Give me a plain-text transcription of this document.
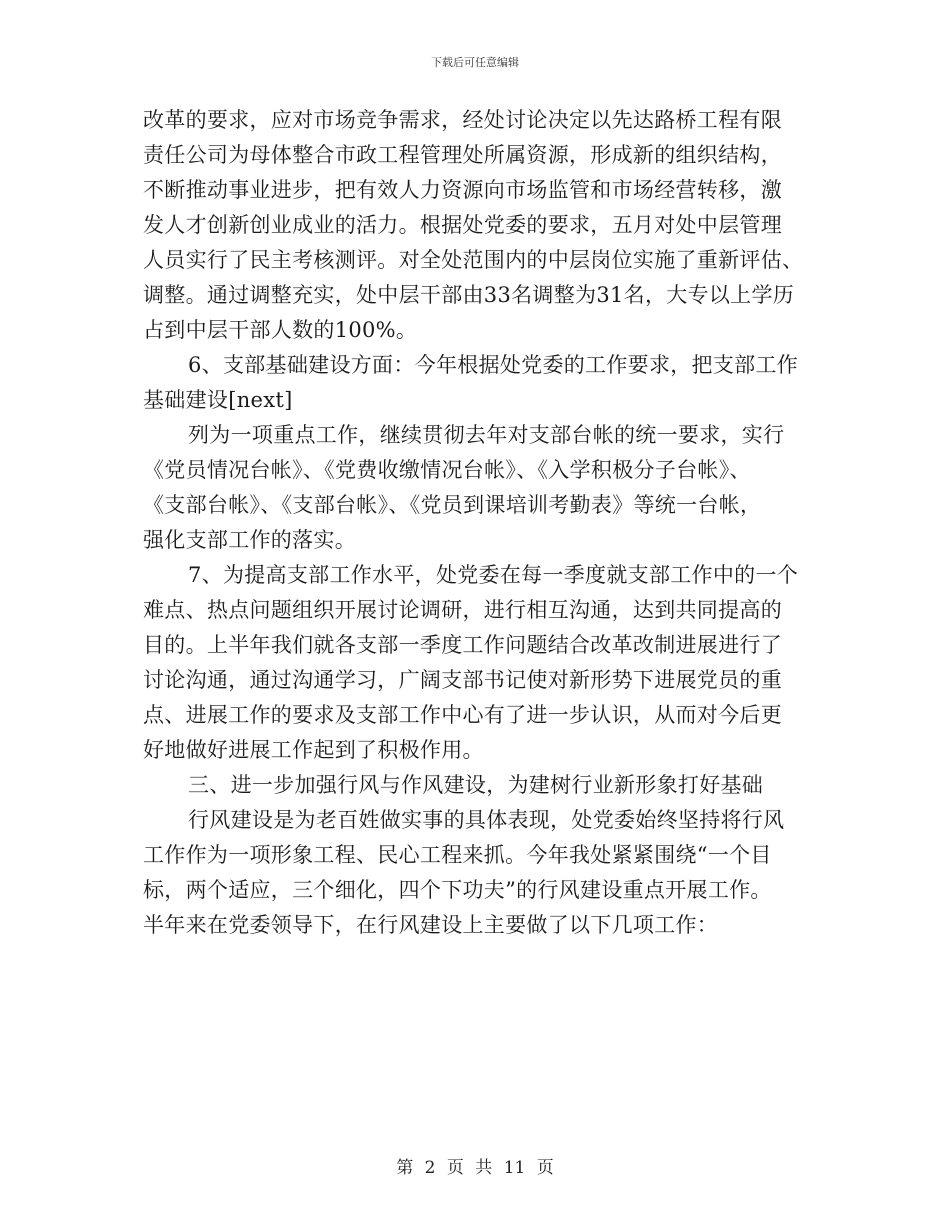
下载后可任意编辑
改革的要求，应对市场竞争需求，经处讨论决定以先达路桥工程有限
责任公司为母体整合市政工程管理处所属资源，形成新的组织结构，
不断推动事业进步，把有效人力资源向市场监管和市场经营转移，激
发人才创新创业成业的活力。根据处党委的要求，五月对处中层管理
人员实行了民主考核测评。对全处范围内的中层岗位实施了重新评估、
调整。通过调整充实，处中层干部由33名调整为31名，大专以上学历
占到中层干部人数的100%。
6、支部基础建设方面：今年根据处党委的工作要求，把支部工作
基础建设[next]
列为一项重点工作，继续贯彻去年对支部台帐的统一要求，实行
《党员情况台帐》、《党费收缴情况台帐》、《入学积极分子台帐》、
《支部台帐》、《支部台帐》、《党员到课培训考勤表》等统一台帐，
强化支部工作的落实。
7、为提高支部工作水平，处党委在每一季度就支部工作中的一个
难点、热点问题组织开展讨论调研，进行相互沟通，达到共同提高的
目的。上半年我们就各支部一季度工作问题结合改革改制进展进行了
讨论沟通，通过沟通学习，广阔支部书记使对新形势下进展党员的重
点、进展工作的要求及支部工作中心有了进一步认识，从而对今后更
好地做好进展工作起到了积极作用。
三、进一步加强行风与作风建设，为建树行业新形象打好基础
行风建设是为老百姓做实事的具体表现，处党委始终坚持将行风
工作作为一项形象工程、民心工程来抓。今年我处紧紧围绕“一个目
标，两个适应，三个细化，四个下功夫”的行风建设重点开展工作。
半年来在党委领导下，在行风建设上主要做了以下几项工作：
第 2 页 共 11 页
